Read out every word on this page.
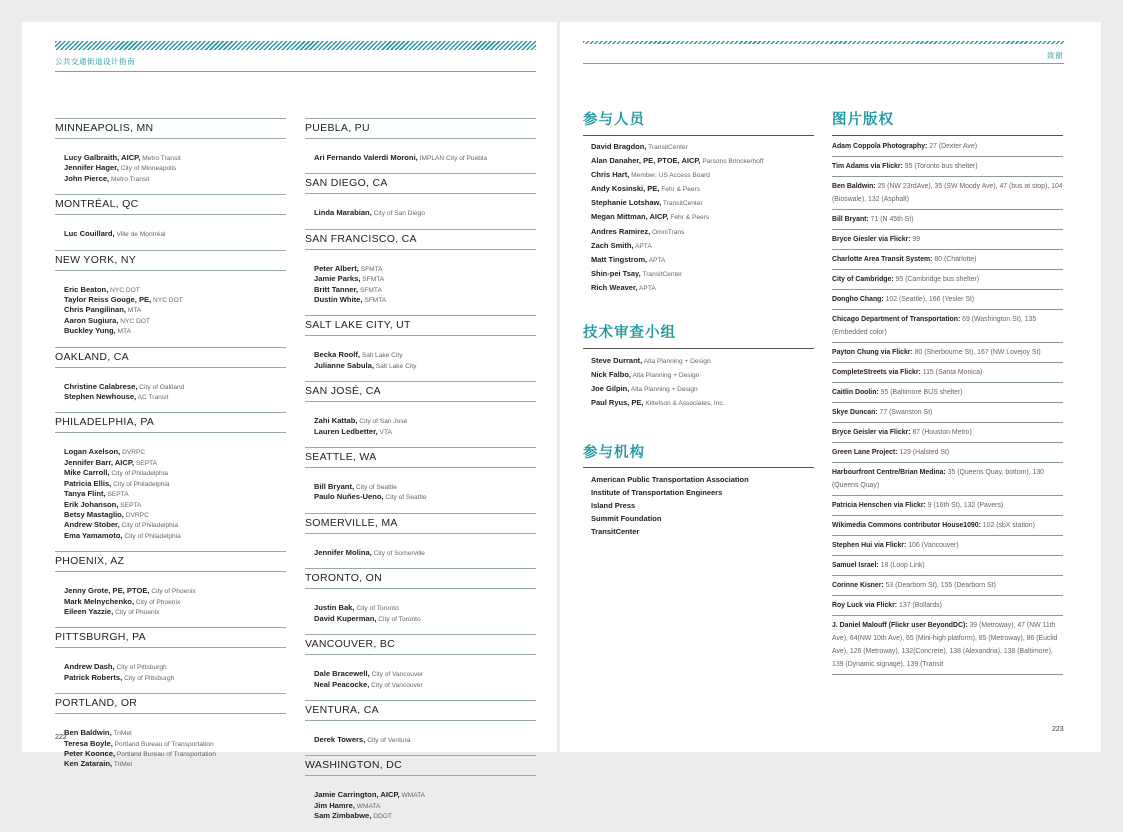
公共交通街道设计指南
MINNEAPOLIS, MN
Lucy Galbraith, AICP, Metro Transit
Jennifer Hager, City of Minneapolis
John Pierce, Metro Transit
MONTRÉAL, QC
Luc Couillard, Ville de Montréal
NEW YORK, NY
Eric Beaton, NYC DOT
Taylor Reiss Gouge, PE, NYC DOT
Chris Pangilinan, MTA
Aaron Sugiura, NYC DOT
Buckley Yung, MTA
OAKLAND, CA
Christine Calabrese, City of Oakland
Stephen Newhouse, AC Transit
PHILADELPHIA, PA
Logan Axelson, DVRPC
Jennifer Barr, AICP, SEPTA
Mike Carroll, City of Philadelphia
Patricia Ellis, City of Philadelphia
Tanya Flint, SEPTA
Erik Johanson, SEPTA
Betsy Mastaglio, DVRPC
Andrew Stober, City of Philadelphia
Ema Yamamoto, City of Philadelphia
PHOENIX, AZ
Jenny Grote, PE, PTOE, City of Phoenix
Mark Melnychenko, City of Phoenix
Eileen Yazzie, City of Phoenix
PITTSBURGH, PA
Andrew Dash, City of Pittsburgh
Patrick Roberts, City of Pittsburgh
PORTLAND, OR
Ben Baldwin, TriMet
Teresa Boyle, Portland Bureau of Transportation
Peter Koonce, Portland Bureau of Transportation
Ken Zatarain, TriMet
PUEBLA, PU
Ari Fernando Valerdi Moroni, IMPLAN City of Puebla
SAN DIEGO, CA
Linda Marabian, City of San Diego
SAN FRANCISCO, CA
Peter Albert, SFMTA
Jamie Parks, SFMTA
Britt Tanner, SFMTA
Dustin White, SFMTA
SALT LAKE CITY, UT
Becka Roolf, Salt Lake City
Julianne Sabula, Salt Lake City
SAN JOSÉ, CA
Zahi Kattab, City of San José
Lauren Ledbetter, VTA
SEATTLE, WA
Bill Bryant, City of Seattle
Paulo Nuñes-Ueno, City of Seattle
SOMERVILLE, MA
Jennifer Molina, City of Somerville
TORONTO, ON
Justin Bak, City of Toronto
David Kuperman, City of Toronto
VANCOUVER, BC
Dale Bracewell, City of Vancouver
Neal Peacocke, City of Vancouver
VENTURA, CA
Derek Towers, City of Ventura
WASHINGTON, DC
Jamie Carrington, AICP, WMATA
Jim Hamre, WMATA
Sam Zimbabwe, DDOT
222
致谢
参与人员
David Bragdon, TransitCenter
Alan Danaher, PE, PTOE, AICP, Parsons Brinckerhoff
Chris Hart, Member, US Access Board
Andy Kosinski, PE, Fehr & Peers
Stephanie Lotshaw, TransitCenter
Megan Mittman, AICP, Fehr & Peers
Andres Ramirez, OmniTrans
Zach Smith, APTA
Matt Tingstrom, APTA
Shin-pei Tsay, TransitCenter
Rich Weaver, APTA
技术审查小组
Steve Durrant, Alta Planning + Design
Nick Falbo, Alta Planning + Design
Joe Gilpin, Alta Planning + Design
Paul Ryus, PE, Kittelson & Associates, Inc.
参与机构
American Public Transportation Association
Institute of Transportation Engineers
Island Press
Summit Foundation
TransitCenter
图片版权
Adam Coppola Photography: 27 (Dexter Ave)
Tim Adams via Flickr: 95 (Toronto bus shelter)
Ben Baldwin: 25 (NW 23rdAve), 35 (SW Moody Ave), 47 (bus at stop), 104 (Bioswale), 132 (Asphalt)
Bill Bryant: 71 (N 45th St)
Bryce Giesler via Flickr: 99
Charlotte Area Transit System: 80 (Charlotte)
City of Cambridge: 95 (Cambridge bus shelter)
Dongho Chang: 102 (Seattle), 166 (Yesler St)
Chicago Department of Transportation: 69 (Washington St), 135 (Embedded color)
Payton Chung via Flickr: 80 (Sherbourne St), 167 (NW Lovejoy St)
CompleteStreets via Flickr: 115 (Santa Monica)
Caitlin Doolin: 95 (Baltimore BUS shelter)
Skye Duncan: 77 (Swanston St)
Bryce Geisler via Flickr: 87 (Houston Metro)
Green Lane Project: 129 (Halsted St)
Harbourfront Centre/Brian Medina: 35 (Queens Quay, bottom), 130 (Queens Quay)
Patricia Henschen via Flickr: 9 (16th St), 132 (Pavers)
Wikimedia Commons contributor House1090: 102 (sbX station)
Stephen Hui via Flickr: 106 (Vancouver)
Samuel Israel: 18 (Loop Link)
Corinne Kisner: 53 (Dearborn St), 155 (Dearborn St)
Roy Luck via Flickr: 137 (Bollards)
J. Daniel Malouff (Flickr user BeyondDC): 39 (Metroway), 47 (NW 11th Ave), 64(NW 10th Ave), 65 (Mini-high platform), 85 (Metroway), 86 (Euclid Ave), 126 (Metroway), 132(Concrete), 138 (Alexandria), 138 (Baltimore), 139 (Dynamic signage), 139 (Transit
223
